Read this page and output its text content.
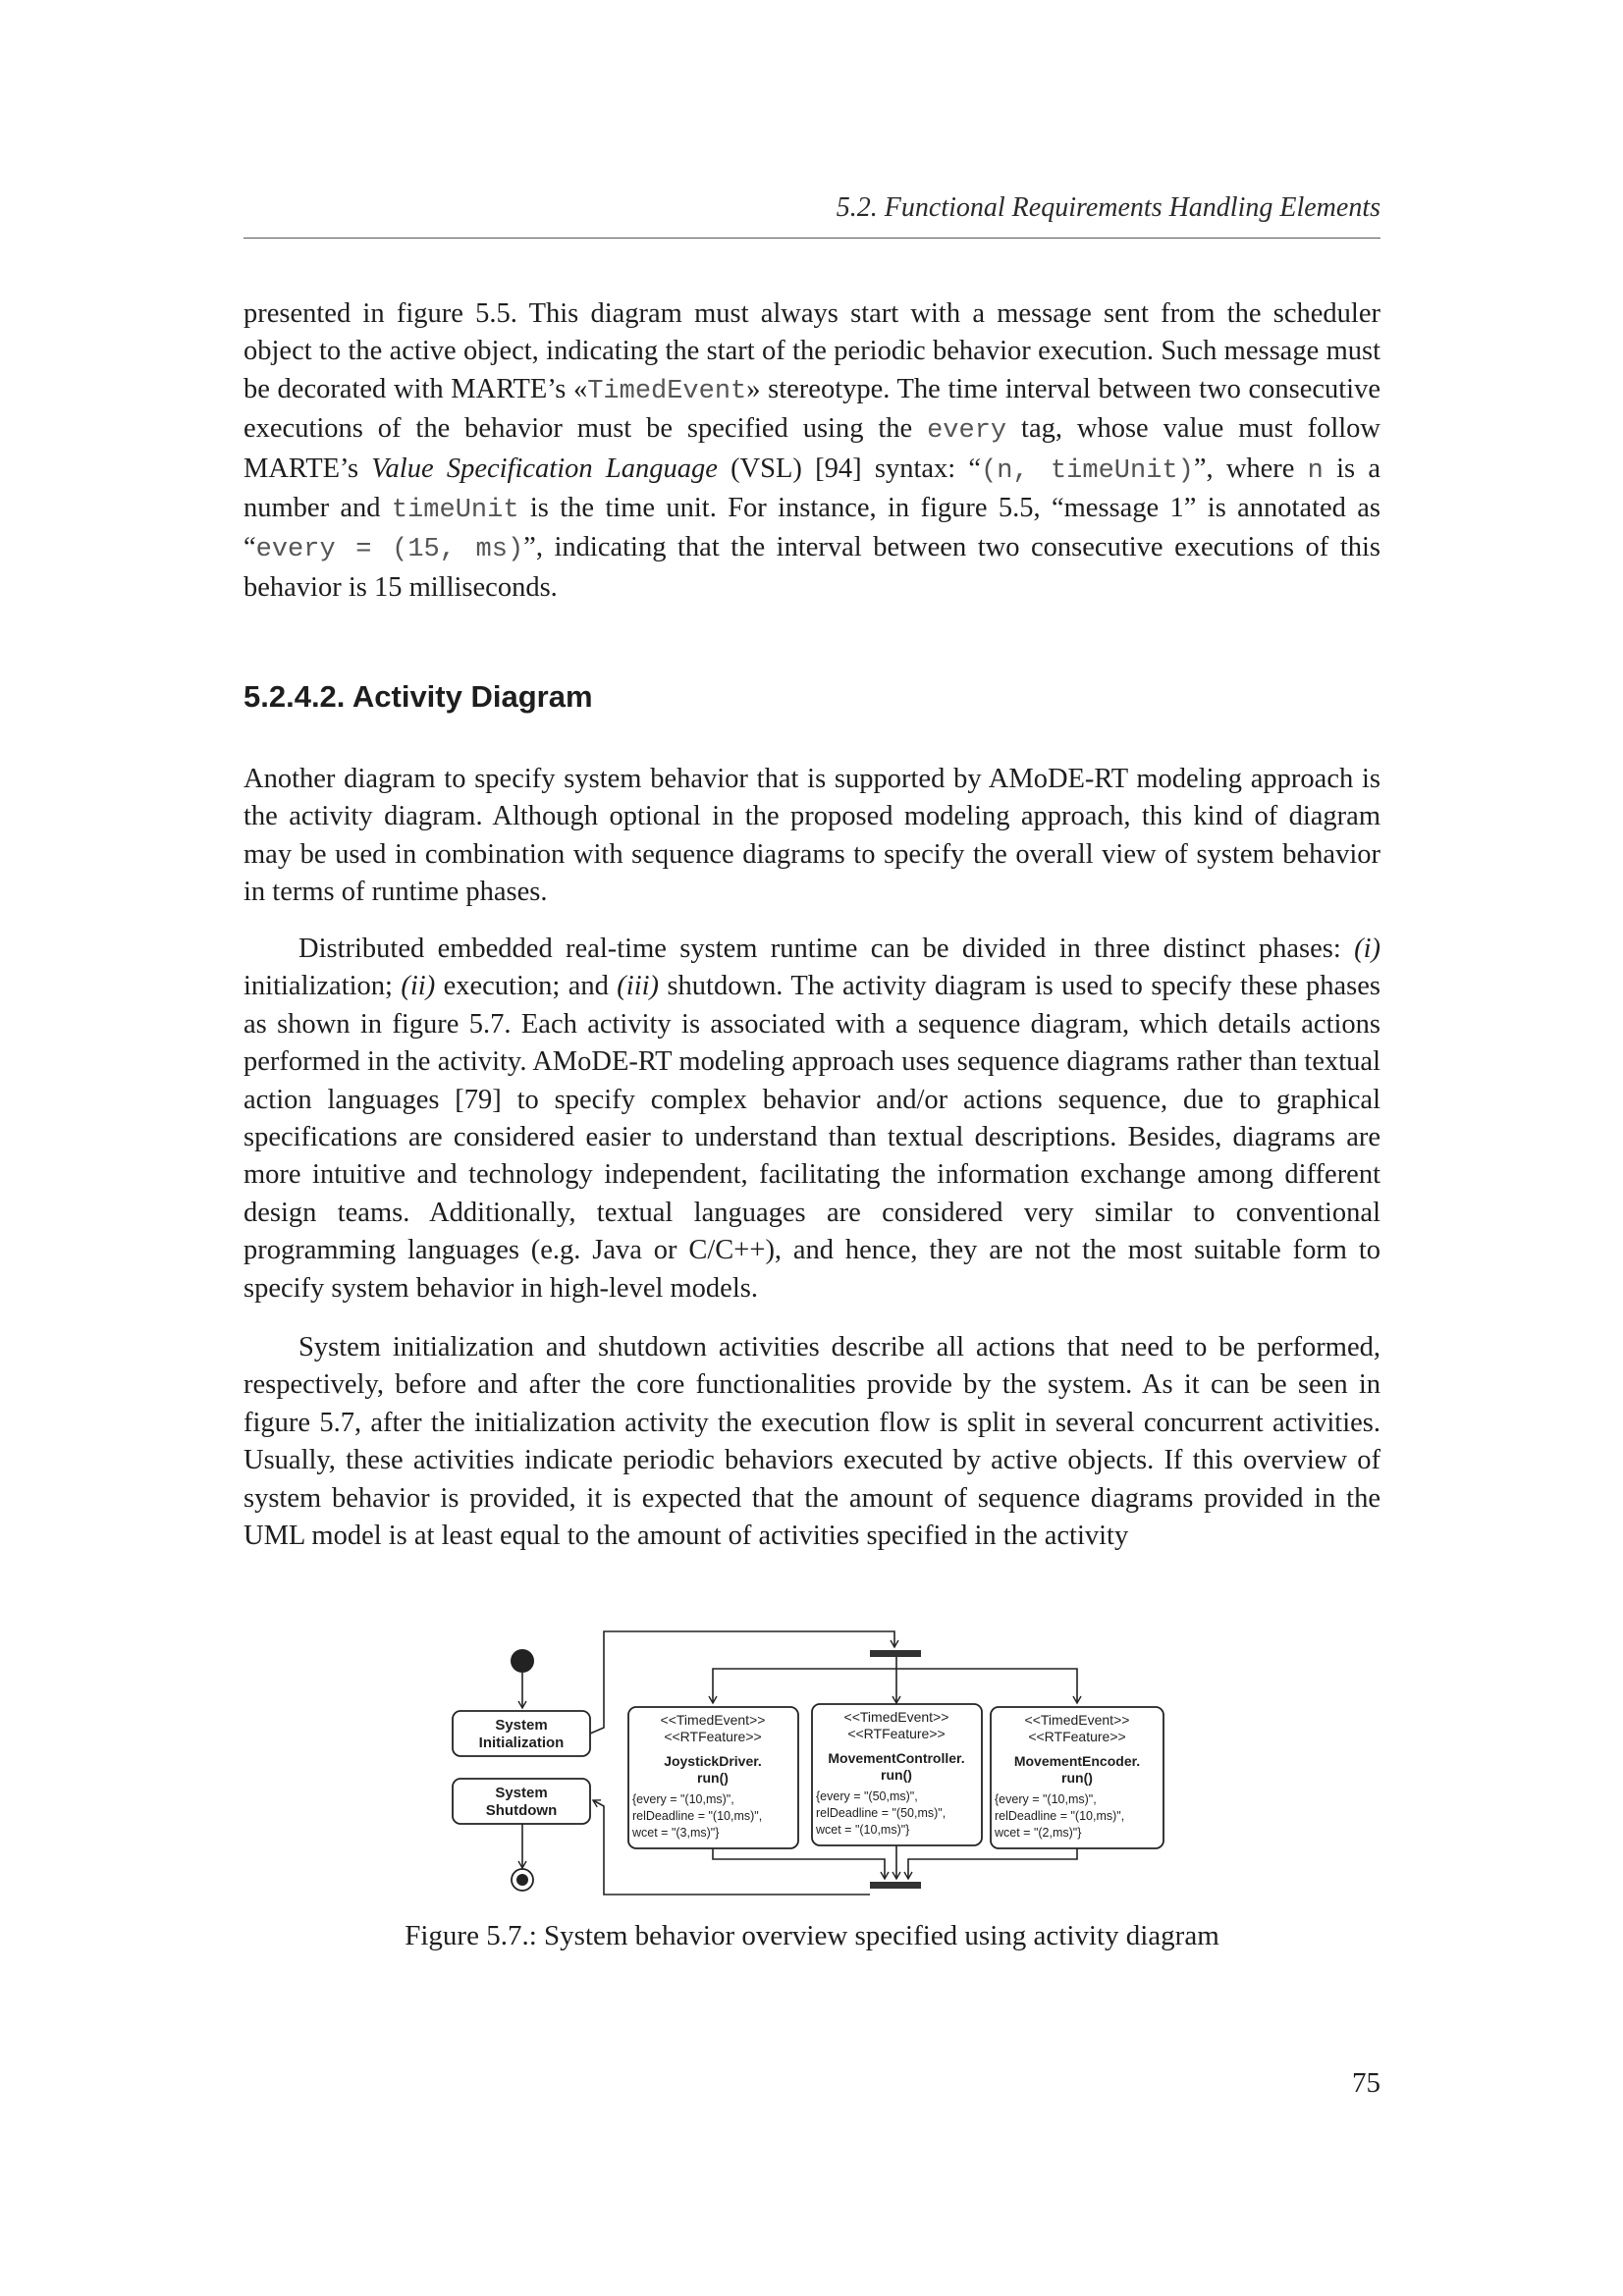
5.2. Functional Requirements Handling Elements

presented in figure 5.5. This diagram must always start with a message sent from the scheduler object to the active object, indicating the start of the periodic behavior execution. Such message must be decorated with MARTE’s «TimedEvent» stereotype. The time interval between two consecutive executions of the behavior must be specified using the every tag, whose value must follow MARTE’s Value Specification Language (VSL) [94] syntax: “(n, timeUnit)”, where n is a number and timeUnit is the time unit. For instance, in figure 5.5, “message 1” is annotated as “every = (15, ms)”, indicating that the interval between two consecutive executions of this behavior is 15 milliseconds.

5.2.4.2. Activity Diagram

Another diagram to specify system behavior that is supported by AMoDE-RT modeling approach is the activity diagram. Although optional in the proposed modeling approach, this kind of diagram may be used in combination with sequence diagrams to specify the overall view of system behavior in terms of runtime phases.

Distributed embedded real-time system runtime can be divided in three distinct phases: (i) initialization; (ii) execution; and (iii) shutdown. The activity diagram is used to specify these phases as shown in figure 5.7. Each activity is associated with a sequence diagram, which details actions performed in the activity. AMoDE-RT modeling approach uses sequence diagrams rather than textual action languages [79] to specify complex behavior and/or actions sequence, due to graphical specifications are considered easier to understand than textual descriptions. Besides, diagrams are more intuitive and technology independent, facilitating the information exchange among different design teams. Additionally, textual languages are considered very similar to conventional programming languages (e.g. Java or C/C++), and hence, they are not the most suitable form to specify system behavior in high-level models.

System initialization and shutdown activities describe all actions that need to be performed, respectively, before and after the core functionalities provide by the system. As it can be seen in figure 5.7, after the initialization activity the execution flow is split in several concurrent activities. Usually, these activities indicate periodic behaviors executed by active objects. If this overview of system behavior is provided, it is expected that the amount of sequence diagrams provided in the UML model is at least equal to the amount of activities specified in the activity

System
Initialization
<<TimedEvent>>
<<RTFeature>>
JoystickDriver.
run()
{every = "(10,ms)",
relDeadline = "(10,ms)",
wcet = "(3,ms)"}
<<TimedEvent>>
<<RTFeature>>
MovementController.
run()
{every = "(50,ms)",
relDeadline = "(50,ms)",
wcet = "(10,ms)"}
<<TimedEvent>>
<<RTFeature>>
MovementEncoder.
run()
{every = "(10,ms)",
relDeadline = "(10,ms)",
wcet = "(2,ms)"}
System
Shutdown
Figure 5.7.: System behavior overview specified using activity diagram
75
